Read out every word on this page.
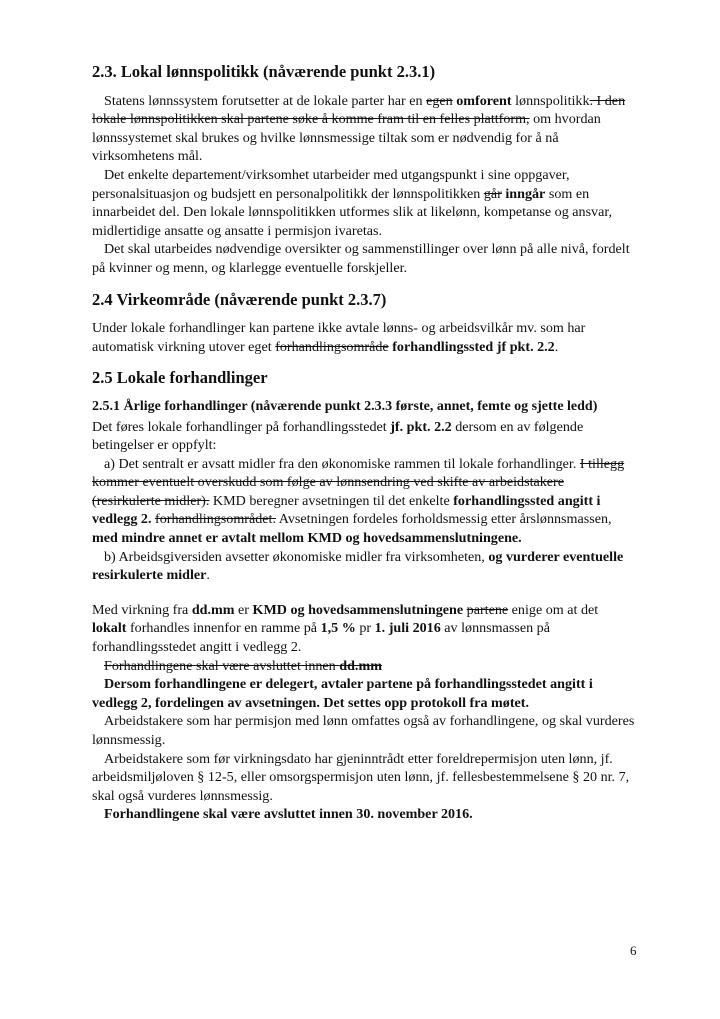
2.3. Lokal lønnspolitikk (nåværende punkt 2.3.1)

Statens lønnssystem forutsetter at de lokale parter har en egen omforent lønnspolitikk. I den lokale lønnspolitikken skal partene søke å komme fram til en felles plattform, om hvordan lønnssystemet skal brukes og hvilke lønnsmessige tiltak som er nødvendig for å nå virksomhetens mål.

Det enkelte departement/virksomhet utarbeider med utgangspunkt i sine oppgaver, personalsituasjon og budsjett en personalpolitikk der lønnspolitikken går inngår som en innarbeidet del. Den lokale lønnspolitikken utformes slik at likelønn, kompetanse og ansvar, midlertidige ansatte og ansatte i permisjon ivaretas.

Det skal utarbeides nødvendige oversikter og sammenstillinger over lønn på alle nivå, fordelt på kvinner og menn, og klarlegge eventuelle forskjeller.

2.4 Virkeområde (nåværende punkt 2.3.7)

Under lokale forhandlinger kan partene ikke avtale lønns- og arbeidsvilkår mv. som har automatisk virkning utover eget forhandlingsområde forhandlingssted jf pkt. 2.2.

2.5 Lokale forhandlinger
2.5.1 Årlige forhandlinger (nåværende punkt 2.3.3 første, annet, femte og sjette ledd)

Det føres lokale forhandlinger på forhandlingsstedet jf. pkt. 2.2 dersom en av følgende betingelser er oppfylt:

a) Det sentralt er avsatt midler fra den økonomiske rammen til lokale forhandlinger. I tillegg kommer eventuelt overskudd som følge av lønnsendring ved skifte av arbeidstakere (resirkulerte midler). KMD beregner avsetningen til det enkelte forhandlingssted angitt i vedlegg 2. forhandlingsområdet. Avsetningen fordeles forholdsmessig etter årslønnsmassen, med mindre annet er avtalt mellom KMD og hovedsammenslutningene.

b) Arbeidsgiversiden avsetter økonomiske midler fra virksomheten, og vurderer eventuelle resirkulerte midler.

Med virkning fra dd.mm er KMD og hovedsammenslutningene partene enige om at det lokalt forhandles innenfor en ramme på 1,5 % pr 1. juli 2016 av lønnsmassen på forhandlingsstedet angitt i vedlegg 2.

Forhandlingene skal være avsluttet innen dd.mm

Dersom forhandlingene er delegert, avtaler partene på forhandlingsstedet angitt i vedlegg 2, fordelingen av avsetningen. Det settes opp protokoll fra møtet.

Arbeidstakere som har permisjon med lønn omfattes også av forhandlingene, og skal vurderes lønnsmessig.

Arbeidstakere som før virkningsdato har gjeninntrådt etter foreldrepermisjon uten lønn, jf. arbeidsmiljøloven § 12-5, eller omsorgspermisjon uten lønn, jf. fellesbestemmelsene § 20 nr. 7, skal også vurderes lønnsmessig.

Forhandlingene skal være avsluttet innen 30. november 2016.

6
